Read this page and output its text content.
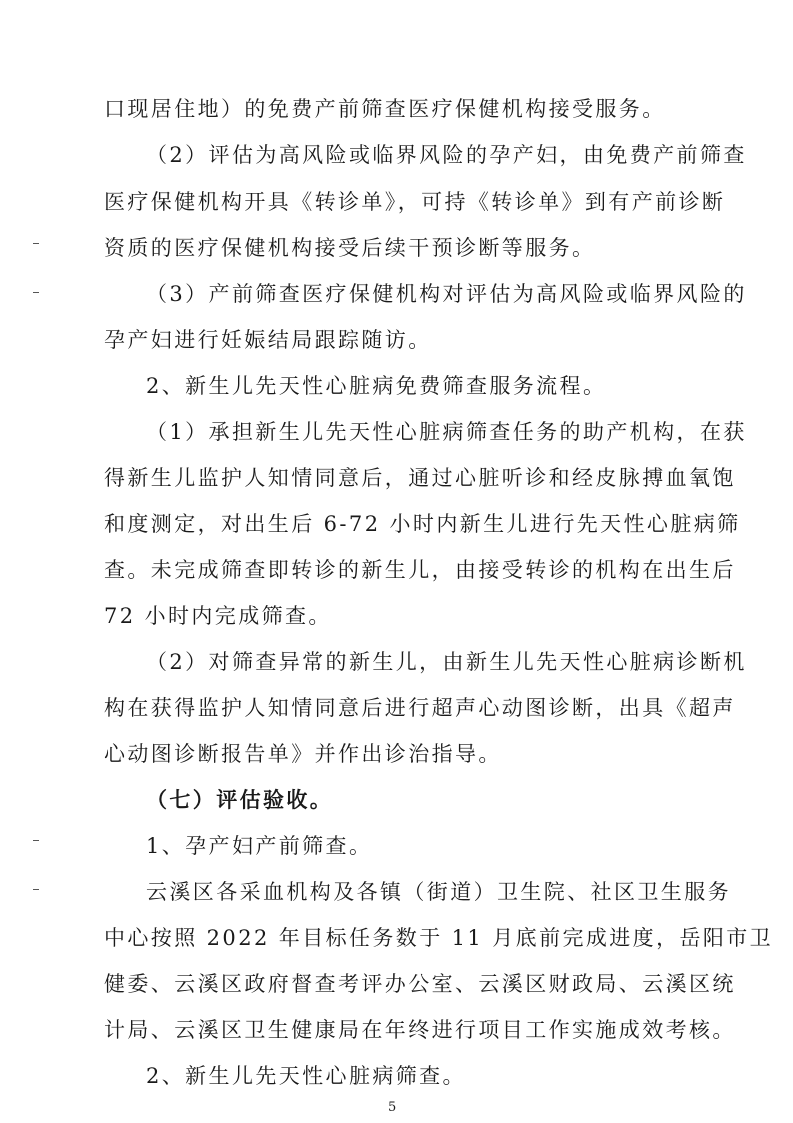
口现居住地）的免费产前筛查医疗保健机构接受服务。
（2）评估为高风险或临界风险的孕产妇，由免费产前筛查
医疗保健机构开具《转诊单》，可持《转诊单》到有产前诊断
资质的医疗保健机构接受后续干预诊断等服务。
（3）产前筛查医疗保健机构对评估为高风险或临界风险的
孕产妇进行妊娠结局跟踪随访。
2、新生儿先天性心脏病免费筛查服务流程。
（1）承担新生儿先天性心脏病筛查任务的助产机构，在获
得新生儿监护人知情同意后，通过心脏听诊和经皮脉搏血氧饱
和度测定，对出生后 6-72 小时内新生儿进行先天性心脏病筛
查。未完成筛查即转诊的新生儿，由接受转诊的机构在出生后
72 小时内完成筛查。
（2）对筛查异常的新生儿，由新生儿先天性心脏病诊断机
构在获得监护人知情同意后进行超声心动图诊断，出具《超声
心动图诊断报告单》并作出诊治指导。
（七）评估验收。
1、孕产妇产前筛查。
云溪区各采血机构及各镇（街道）卫生院、社区卫生服务
中心按照 2022 年目标任务数于 11 月底前完成进度，岳阳市卫
健委、云溪区政府督查考评办公室、云溪区财政局、云溪区统
计局、云溪区卫生健康局在年终进行项目工作实施成效考核。
2、新生儿先天性心脏病筛查。
5
